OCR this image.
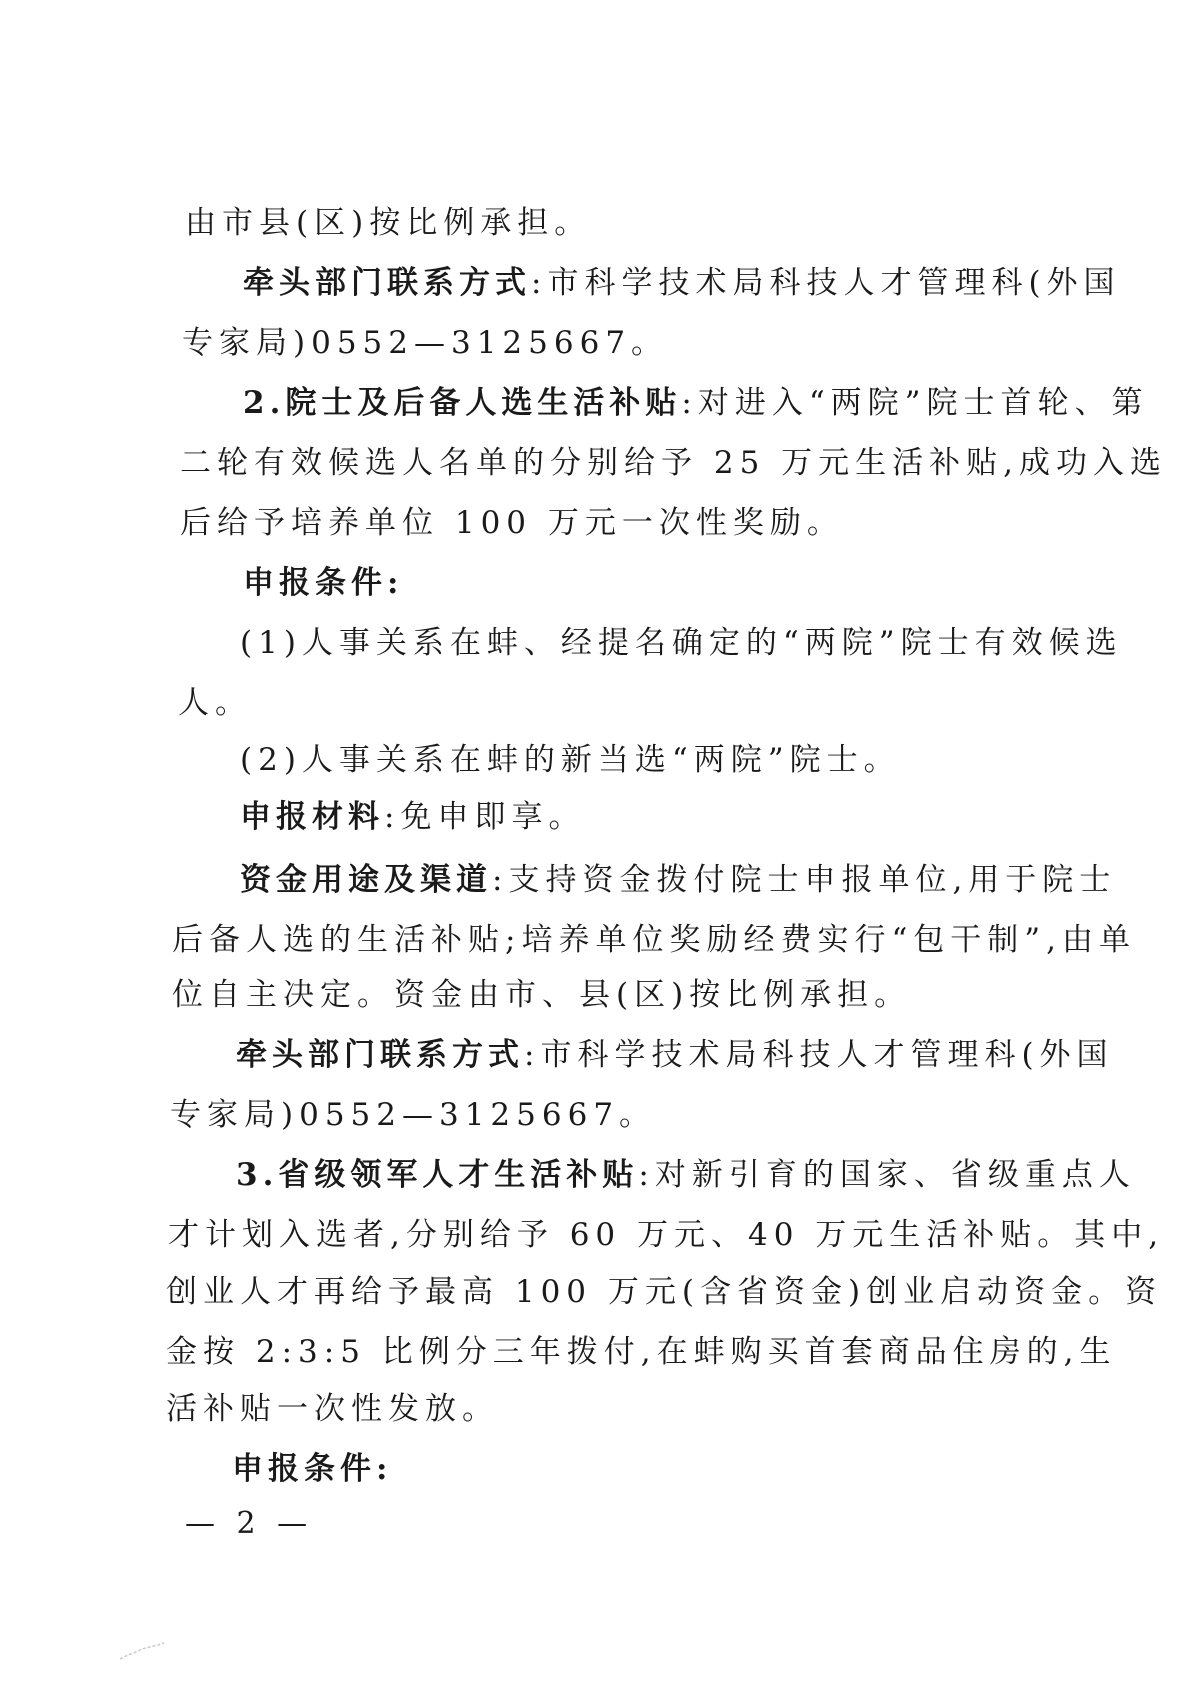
由市县(区)按比例承担。
牵头部门联系方式:市科学技术局科技人才管理科(外国
专家局)0552—3125667。
2.院士及后备人选生活补贴:对进入“两院”院士首轮、第
二轮有效候选人名单的分别给予 25 万元生活补贴,成功入选
后给予培养单位 100 万元一次性奖励。
申报条件:
(1)人事关系在蚌、经提名确定的“两院”院士有效候选
人。
(2)人事关系在蚌的新当选“两院”院士。
申报材料:免申即享。
资金用途及渠道:支持资金拨付院士申报单位,用于院士
后备人选的生活补贴;培养单位奖励经费实行“包干制”,由单
位自主决定。资金由市、县(区)按比例承担。
牵头部门联系方式:市科学技术局科技人才管理科(外国
专家局)0552—3125667。
3.省级领军人才生活补贴:对新引育的国家、省级重点人
才计划入选者,分别给予 60 万元、40 万元生活补贴。其中,
创业人才再给予最高 100 万元(含省资金)创业启动资金。资
金按 2:3:5 比例分三年拨付,在蚌购买首套商品住房的,生
活补贴一次性发放。
申报条件:
— 2 —
